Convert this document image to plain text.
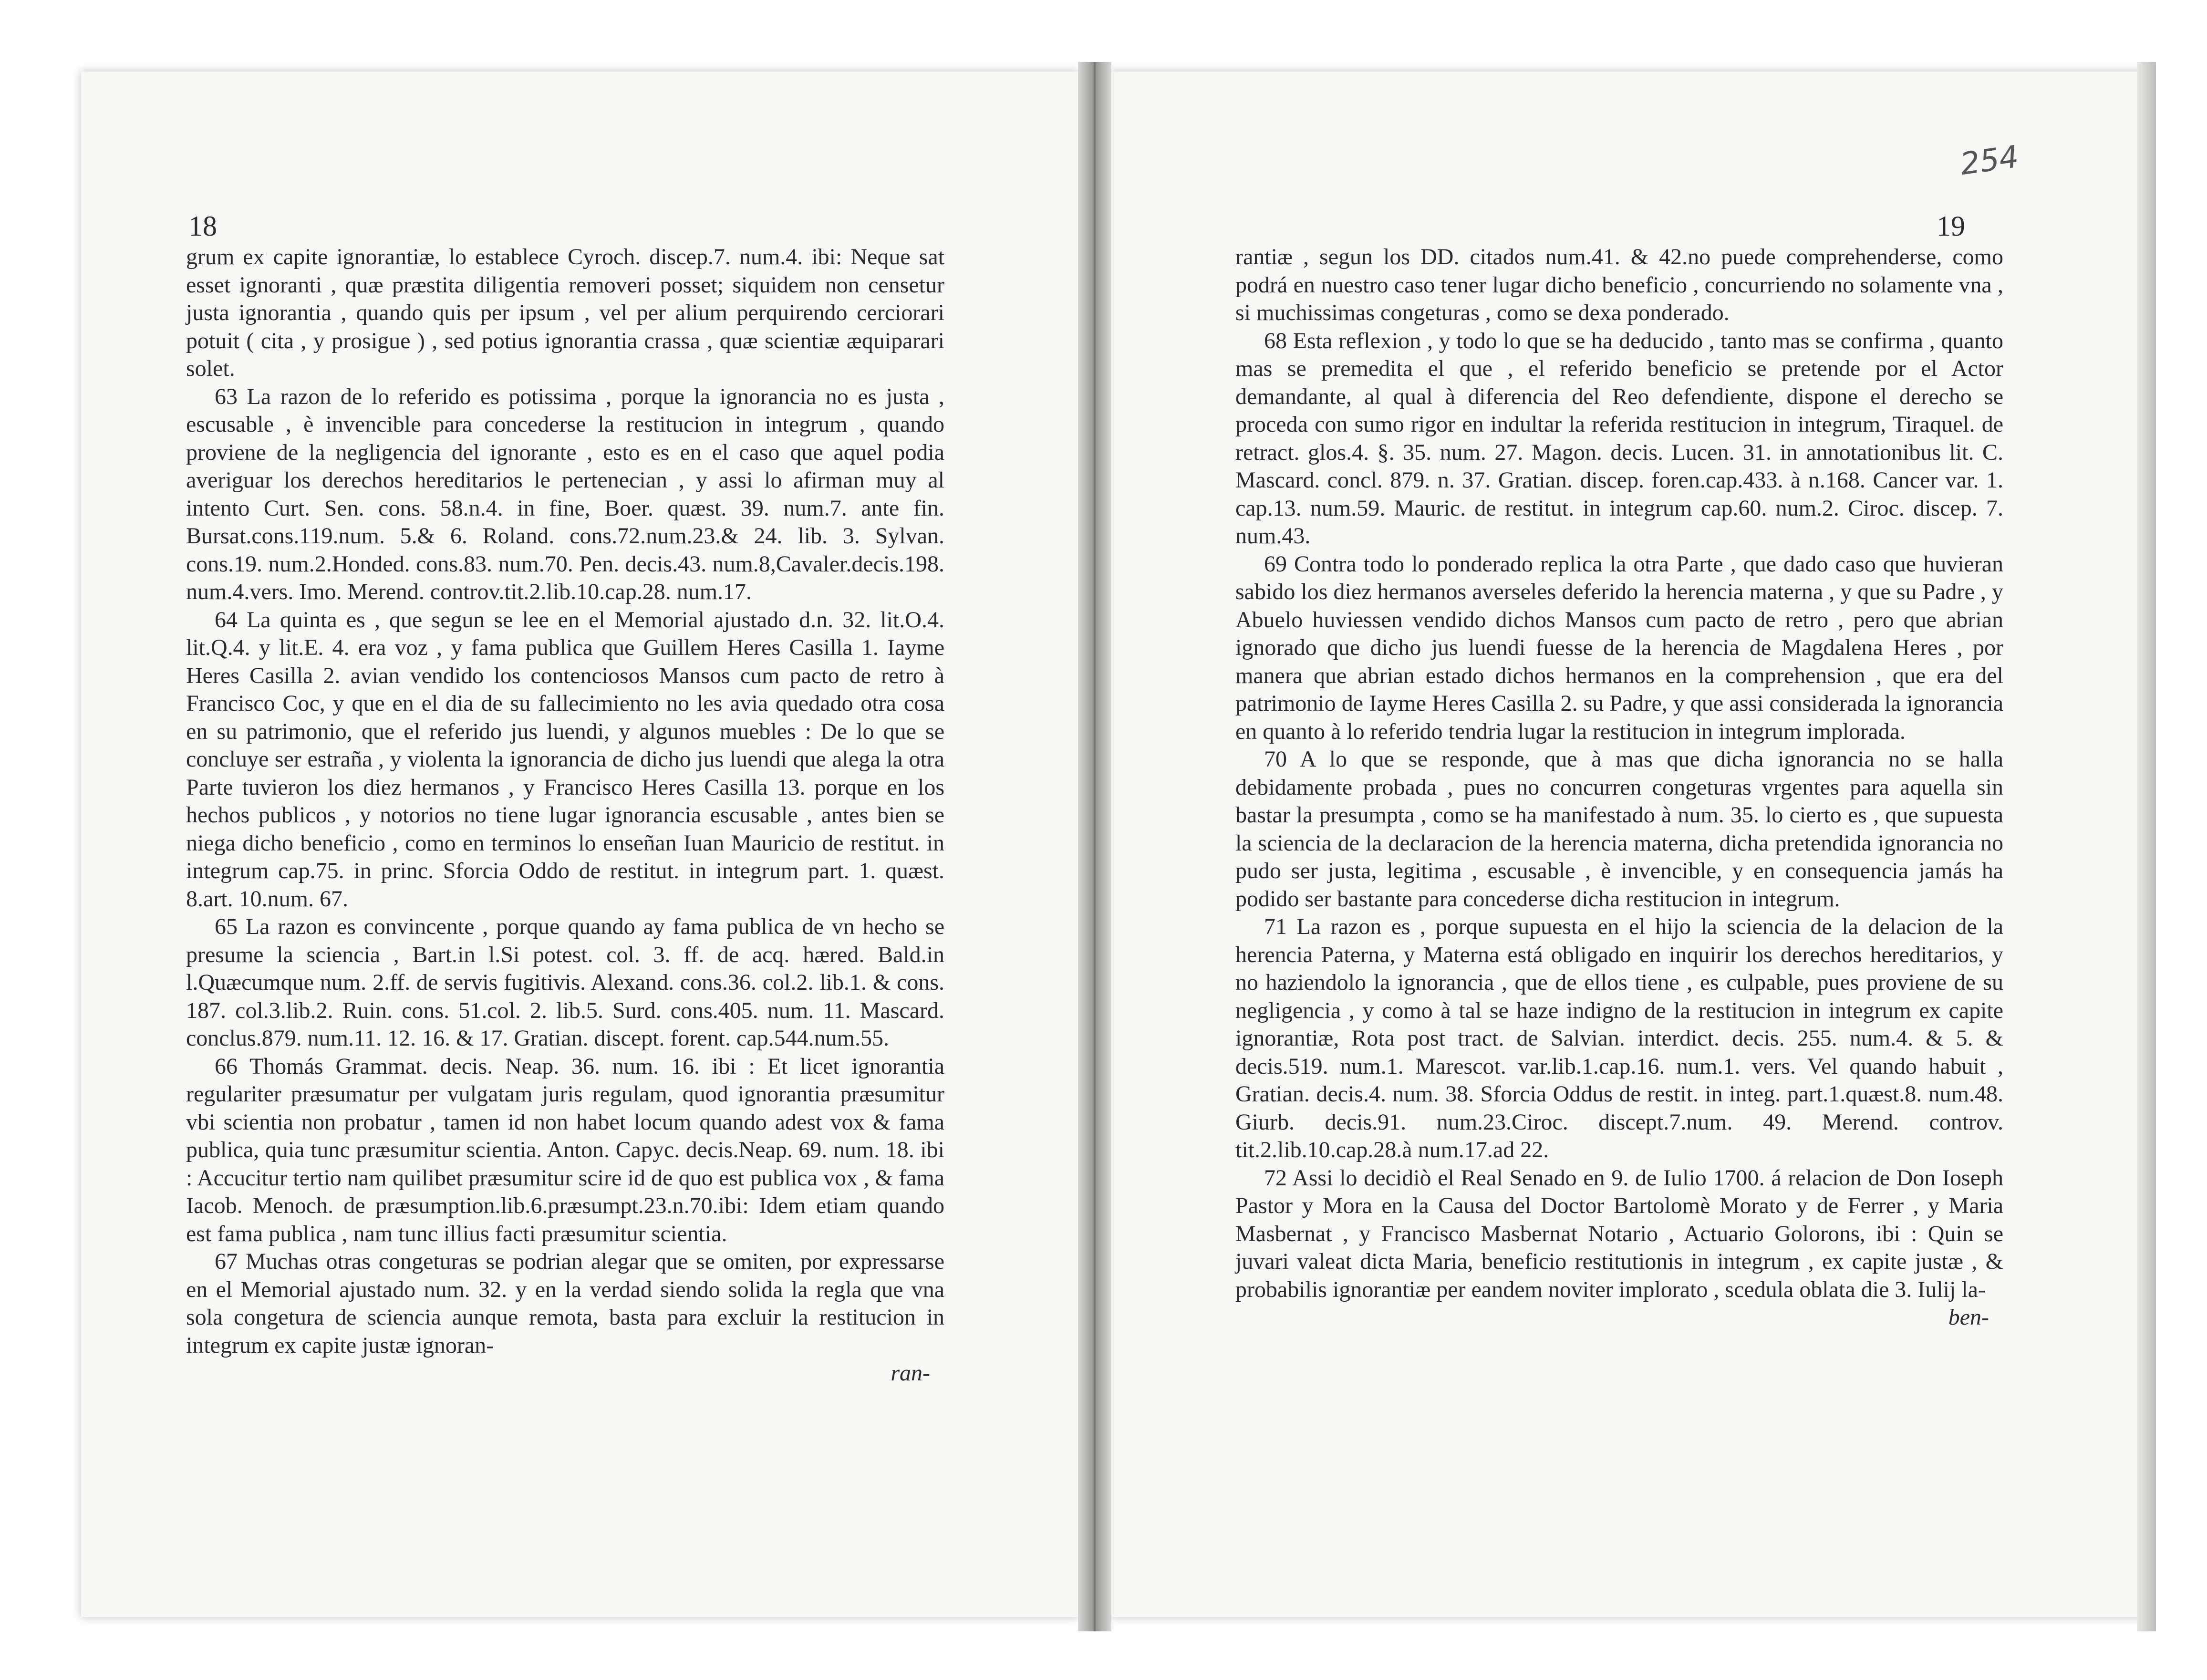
18	19
254

grum ex capite ignorantiæ, lo establece Cyroch. discep.7. num.4. ibi: Neque sat esset ignoranti , quæ præstita diligentia removeri posset; siquidem non censetur justa ignorantia , quando quis per ipsum , vel per alium perquirendo cerciorari potuit ( cita , y prosigue ) , sed potius ignorantia crassa , quæ scientiæ æquiparari solet.

63 La razon de lo referido es potissima , porque la ignorancia no es justa , escusable , è invencible para concederse la restitucion in integrum , quando proviene de la negligencia del ignorante , esto es en el caso que aquel podia averiguar los derechos hereditarios le pertenecian , y assi lo afirman muy al intento Curt. Sen. cons. 58.n.4. in fine, Boer. quæst. 39. num.7. ante fin. Bursat.cons.119.num. 5.& 6. Roland. cons.72.num.23.& 24. lib. 3. Sylvan. cons.19. num.2.Honded. cons.83. num.70. Pen. decis.43. num.8,Cavaler.decis.198. num.4.vers. Imo. Merend. controv.tit.2.lib.10.cap.28. num.17.

64 La quinta es , que segun se lee en el Memorial ajustado d.n. 32. lit.O.4. lit.Q.4. y lit.E. 4. era voz , y fama publica que Guillem Heres Casilla 1. Iayme Heres Casilla 2. avian vendido los contenciosos Mansos cum pacto de retro à Francisco Coc, y que en el dia de su fallecimiento no les avia quedado otra cosa en su patrimonio, que el referido jus luendi, y algunos muebles : De lo que se concluye ser estraña , y violenta la ignorancia de dicho jus luendi que alega la otra Parte tuvieron los diez hermanos , y Francisco Heres Casilla 13. porque en los hechos publicos , y notorios no tiene lugar ignorancia escusable , antes bien se niega dicho beneficio , como en terminos lo enseñan Iuan Mauricio de restitut. in integrum cap.75. in princ. Sforcia Oddo de restitut. in integrum part. 1. quæst. 8.art. 10.num. 67.

65 La razon es convincente , porque quando ay fama publica de vn hecho se presume la sciencia , Bart.in l.Si potest. col. 3. ff. de acq. hæred. Bald.in l.Quæcumque num. 2.ff. de servis fugitivis. Alexand. cons.36. col.2. lib.1. & cons. 187. col.3.lib.2. Ruin. cons. 51.col. 2. lib.5. Surd. cons.405. num. 11. Mascard. conclus.879. num.11. 12. 16. & 17. Gratian. discept. forent. cap.544.num.55.

66 Thomás Grammat. decis. Neap. 36. num. 16. ibi : Et licet ignorantia regulariter præsumatur per vulgatam juris regulam, quod ignorantia præsumitur vbi scientia non probatur , tamen id non habet locum quando adest vox & fama publica, quia tunc præsumitur scientia. Anton. Capyc. decis.Neap. 69. num. 18. ibi : Accucitur tertio nam quilibet præsumitur scire id de quo est publica vox , & fama Iacob. Menoch. de præsumption.lib.6.præsumpt.23.n.70.ibi: Idem etiam quando est fama publica , nam tunc illius facti præsumitur scientia.

67 Muchas otras congeturas se podrian alegar que se omiten, por expressarse en el Memorial ajustado num. 32. y en la verdad siendo solida la regla que vna sola congetura de sciencia aunque remota, basta para excluir la restitucion in integrum ex capite justæ ignoran-

ran-

rantiæ , segun los DD. citados num.41. & 42.no puede comprehenderse, como podrá en nuestro caso tener lugar dicho beneficio , concurriendo no solamente vna , si muchissimas congeturas , como se dexa ponderado.

68 Esta reflexion , y todo lo que se ha deducido , tanto mas se confirma , quanto mas se premedita el que , el referido beneficio se pretende por el Actor demandante, al qual à diferencia del Reo defendiente, dispone el derecho se proceda con sumo rigor en indultar la referida restitucion in integrum, Tiraquel. de retract. glos.4. §. 35. num. 27. Magon. decis. Lucen. 31. in annotationibus lit. C. Mascard. concl. 879. n. 37. Gratian. discep. foren.cap.433. à n.168. Cancer var. 1. cap.13. num.59. Mauric. de restitut. in integrum cap.60. num.2. Ciroc. discep. 7. num.43.

69 Contra todo lo ponderado replica la otra Parte , que dado caso que huvieran sabido los diez hermanos averseles deferido la herencia materna , y que su Padre , y Abuelo huviessen vendido dichos Mansos cum pacto de retro , pero que abrian ignorado que dicho jus luendi fuesse de la herencia de Magdalena Heres , por manera que abrian estado dichos hermanos en la comprehension , que era del patrimonio de Iayme Heres Casilla 2. su Padre, y que assi considerada la ignorancia en quanto à lo referido tendria lugar la restitucion in integrum implorada.

70 A lo que se responde, que à mas que dicha ignorancia no se halla debidamente probada , pues no concurren congeturas vrgentes para aquella sin bastar la presumpta , como se ha manifestado à num. 35. lo cierto es , que supuesta la sciencia de la declaracion de la herencia materna, dicha pretendida ignorancia no pudo ser justa, legitima , escusable , è invencible, y en consequencia jamás ha podido ser bastante para concederse dicha restitucion in integrum.

71 La razon es , porque supuesta en el hijo la sciencia de la delacion de la herencia Paterna, y Materna está obligado en inquirir los derechos hereditarios, y no haziendolo la ignorancia , que de ellos tiene , es culpable, pues proviene de su negligencia , y como à tal se haze indigno de la restitucion in integrum ex capite ignorantiæ, Rota post tract. de Salvian. interdict. decis. 255. num.4. & 5. & decis.519. num.1. Marescot. var.lib.1.cap.16. num.1. vers. Vel quando habuit , Gratian. decis.4. num. 38. Sforcia Oddus de restit. in integ. part.1.quæst.8. num.48. Giurb. decis.91. num.23.Ciroc. discept.7.num. 49. Merend. controv. tit.2.lib.10.cap.28.à num.17.ad 22.

72 Assi lo decidiò el Real Senado en 9. de Iulio 1700. á relacion de Don Ioseph Pastor y Mora en la Causa del Doctor Bartolomè Morato y de Ferrer , y Maria Masbernat , y Francisco Masbernat Notario , Actuario Golorons, ibi : Quin se juvari valeat dicta Maria, beneficio restitutionis in integrum , ex capite justæ , & probabilis ignorantiæ per eandem noviter implorato , scedula oblata die 3. Iulij la-

ben-
